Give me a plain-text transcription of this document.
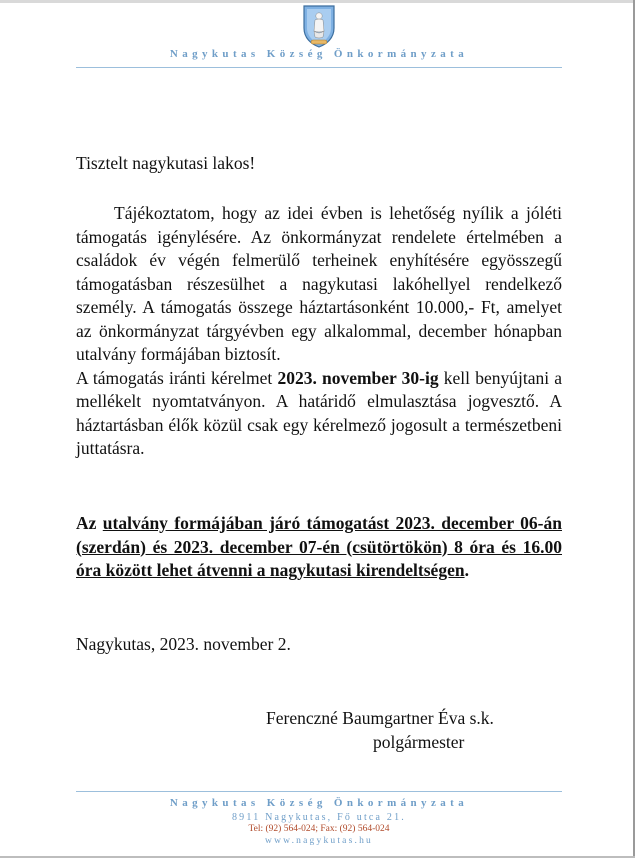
Nagykutas Község Önkormányzata
Tisztelt nagykutasi lakos!
Tájékoztatom, hogy az idei évben is lehetőség nyílik a jóléti támogatás igénylésére. Az önkormányzat rendelete értelmében a családok év végén felmerülő terheinek enyhítésére egyösszegű támogatásban részesülhet a nagykutasi lakóhellyel rendelkező személy. A támogatás összege háztartásonként 10.000,- Ft, amelyet az önkormányzat tárgyévben egy alkalommal, december hónapban utalvány formájában biztosít.
A támogatás iránti kérelmet 2023. november 30-ig kell benyújtani a mellékelt nyomtatványon. A határidő elmulasztása jogvesztő. A háztartásban élők közül csak egy kérelmező jogosult a természetbeni juttatásra.
Az utalvány formájában járó támogatást 2023. december 06-án (szerdán) és 2023. december 07-én (csütörtökön) 8 óra és 16.00 óra között lehet átvenni a nagykutasi kirendeltségen.
Nagykutas, 2023. november 2.
Ferenczné Baumgartner Éva s.k.
polgármester
Nagykutas Község Önkormányzata
8911 Nagykutas, Fő utca 21.
Tel: (92) 564-024; Fax: (92) 564-024
www.nagykutas.hu
